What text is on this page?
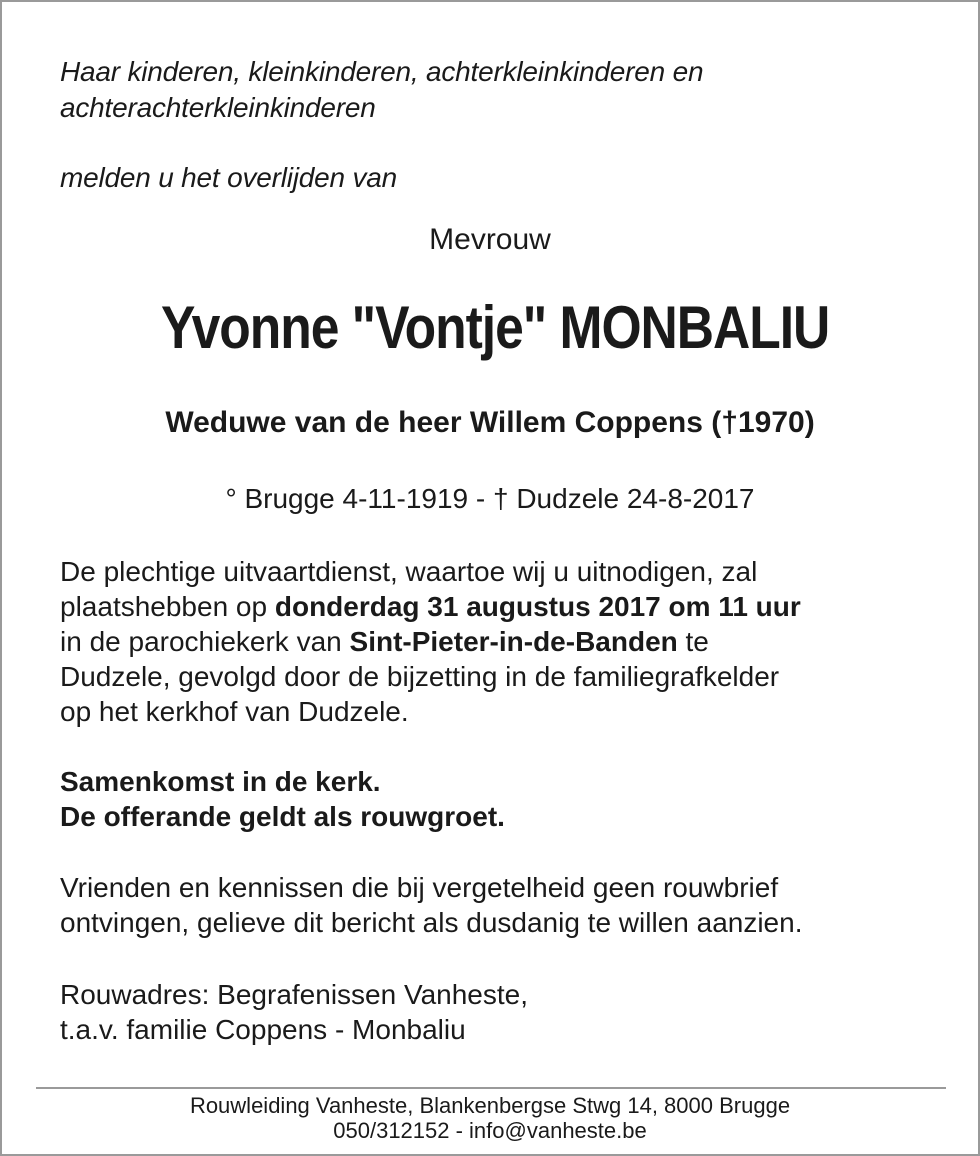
Haar kinderen, kleinkinderen, achterkleinkinderen en

achterachterkleinkinderen

melden u het overlijden van

Mevrouw

Yvonne "Vontje" MONBALIU

Weduwe van de heer Willem Coppens (†1970)

° Brugge 4-11-1919 - † Dudzele 24-8-2017

De plechtige uitvaartdienst, waartoe wij u uitnodigen, zal

plaatshebben op donderdag 31 augustus 2017 om 11 uur

in de parochiekerk van Sint-Pieter-in-de-Banden te

Dudzele, gevolgd door de bijzetting in de familiegrafkelder

op het kerkhof van Dudzele.

Samenkomst in de kerk.

De offerande geldt als rouwgroet.

Vrienden en kennissen die bij vergetelheid geen rouwbrief

ontvingen, gelieve dit bericht als dusdanig te willen aanzien.

Rouwadres: Begrafenissen Vanheste,

t.a.v. familie Coppens - Monbaliu

Rouwleiding Vanheste, Blankenbergse Stwg 14, 8000 Brugge

050/312152 - info@vanheste.be
